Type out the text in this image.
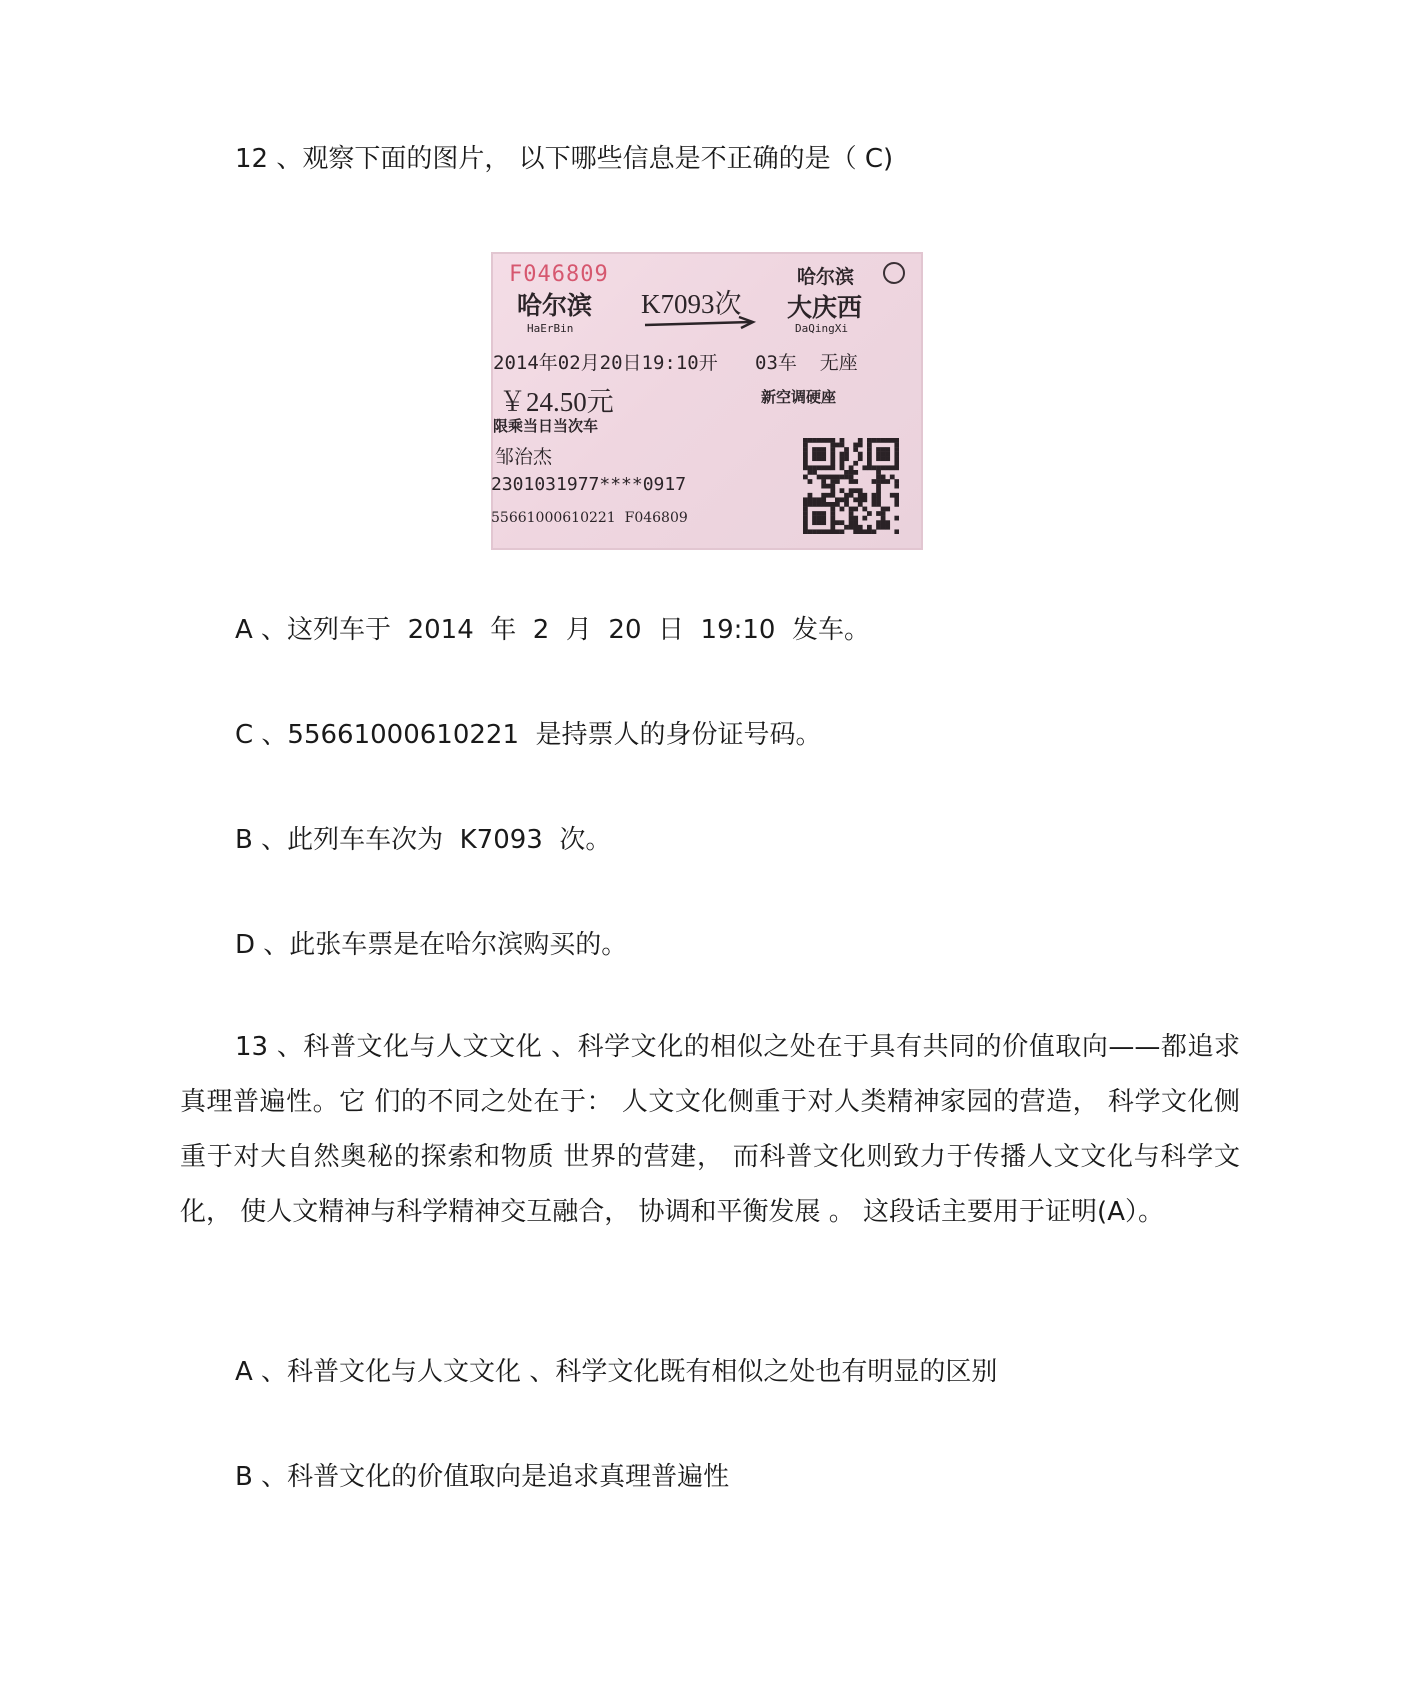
12 、观察下面的图片， 以下哪些信息是不正确的是（ C)
F046809
哈尔滨 K7093次
哈尔滨
大庆西
HaErBin	DaQingXi
2014年02月20日19:10开 03车  无座
￥24.50元	新空调硬座
限乘当日当次车
邹治杰
2301031977****0917
55661000610221  F046809
A 、这列车于  2014  年  2  月  20  日  19:10  发车。
C 、55661000610221  是持票人的身份证号码。
B 、此列车车次为  K7093  次。
D 、此张车票是在哈尔滨购买的。
13 、科普文化与人文文化 、科学文化的相似之处在于具有共同的价值取向——都追求真理普遍性。它 们的不同之处在于： 人文文化侧重于对人类精神家园的营造， 科学文化侧重于对大自然奥秘的探索和物质 世界的营建， 而科普文化则致力于传播人文文化与科学文化， 使人文精神与科学精神交互融合， 协调和平衡发展 。 这段话主要用于证明(A）。
A 、科普文化与人文文化 、科学文化既有相似之处也有明显的区别
B 、科普文化的价值取向是追求真理普遍性
